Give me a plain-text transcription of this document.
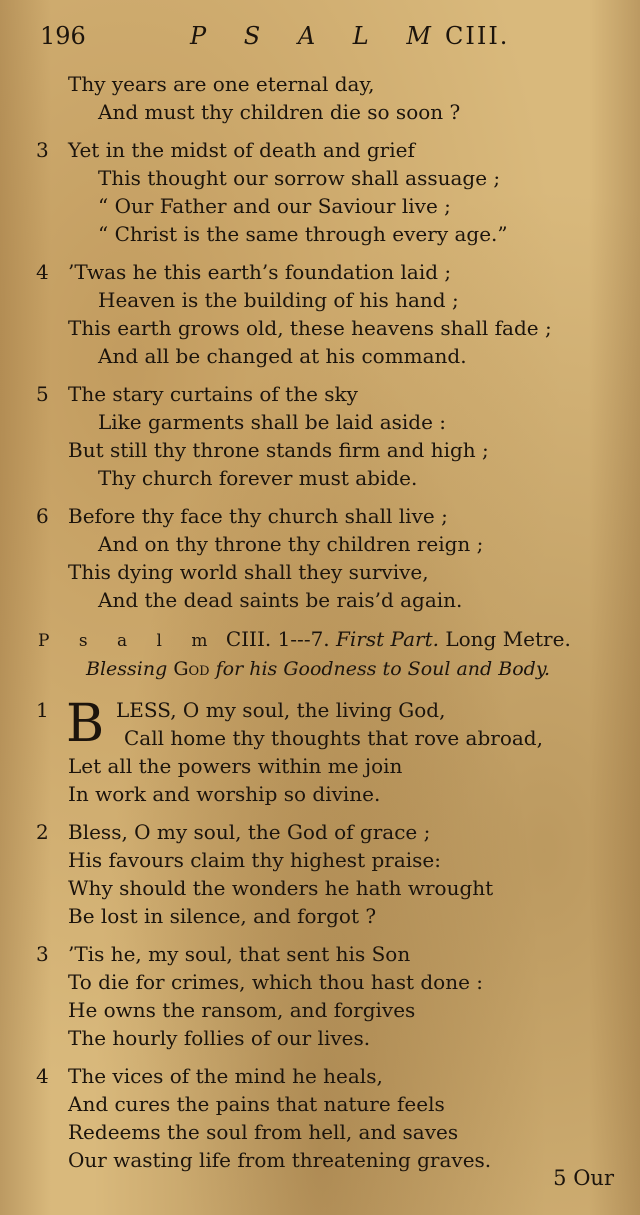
196	P S A L M CIII.
Thy years are one eternal day,
And must thy children die so soon ?
3 Yet in the midst of death and grief
This thought our sorrow shall assuage ;
“ Our Father and our Saviour live ;
“ Christ is the same through every age.”
4 ’Twas he this earth’s foundation laid ;
Heaven is the building of his hand ;
This earth grows old, these heavens shall fade ;
And all be changed at his command.
5 The stary curtains of the sky
Like garments shall be laid aside :
But still thy throne stands firm and high ;
Thy church forever must abide.
6 Before thy face thy church shall live ;
And on thy throne thy children reign ;
This dying world shall they survive,
And the dead saints be rais’d again.
P s a l m CIII. 1---7. First Part. Long Metre.
Blessing God for his Goodness to Soul and Body.
1 B LESS, O my soul, the living God,
Call home thy thoughts that rove abroad,
Let all the powers within me join
In work and worship so divine.
2 Bless, O my soul, the God of grace ;
His favours claim thy highest praise:
Why should the wonders he hath wrought
Be lost in silence, and forgot ?
3 ’Tis he, my soul, that sent his Son
To die for crimes, which thou hast done :
He owns the ransom, and forgives
The hourly follies of our lives.
4 The vices of the mind he heals,
And cures the pains that nature feels
Redeems the soul from hell, and saves
Our wasting life from threatening graves.
5 Our
